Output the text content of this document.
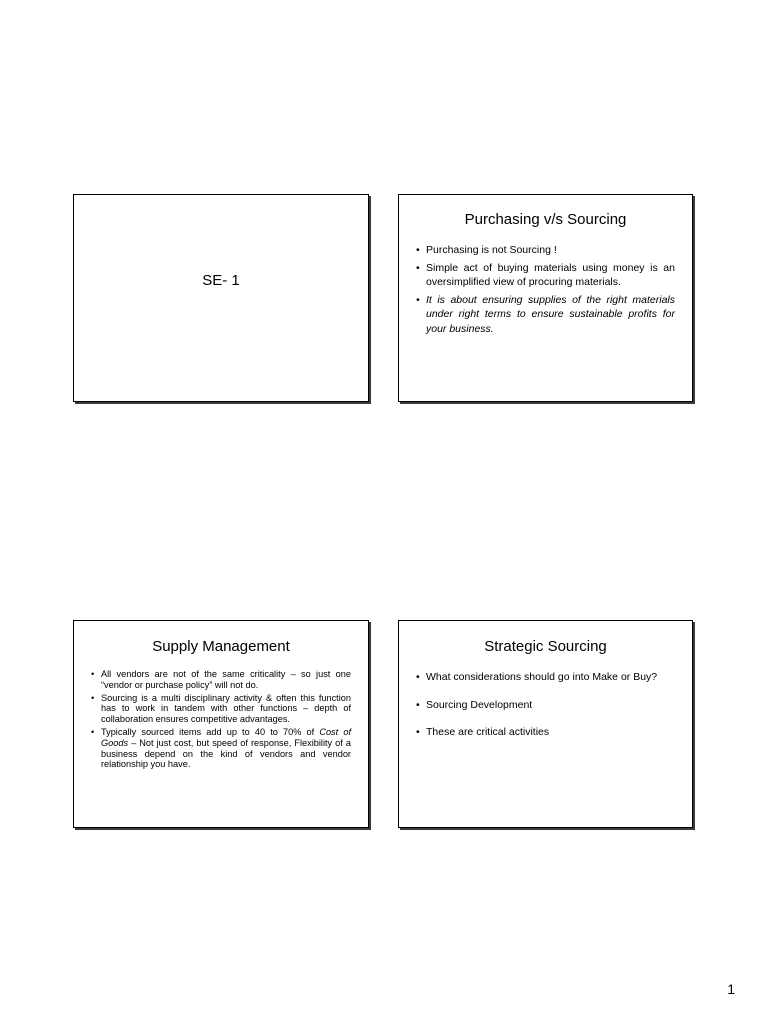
SE- 1
Purchasing v/s Sourcing
• Purchasing is not Sourcing !
• Simple act of buying materials using money is an oversimplified view of procuring materials.
• It is about ensuring supplies of the right materials under right terms to ensure sustainable profits for your business.
Supply Management
• All vendors are not of the same criticality – so just one “vendor or purchase policy” will not do.
• Sourcing is a multi disciplinary activity & often this function has to work in tandem with other functions – depth of collaboration ensures competitive advantages.
• Typically sourced items add up to 40 to 70% of Cost of Goods – Not just cost, but speed of response, Flexibility of a business depend on the kind of vendors and vendor relationship you have.
Strategic Sourcing
• What considerations should go into Make or Buy?
• Sourcing Development
• These are critical activities
1
